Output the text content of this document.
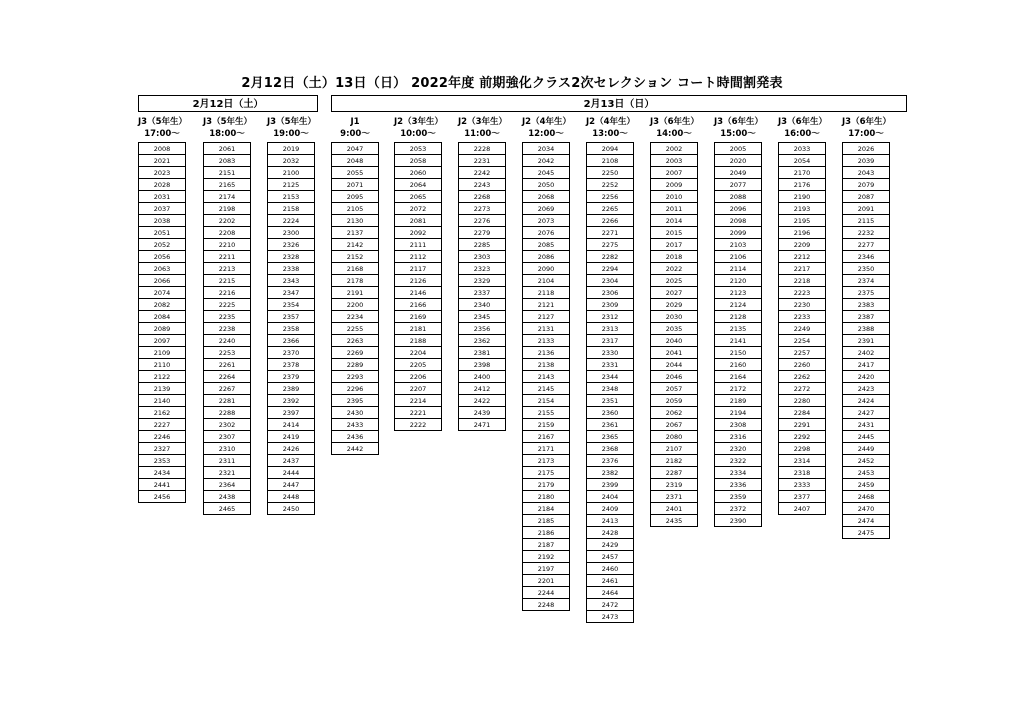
2月12日（土）13日（日） 2022年度 前期強化クラス2次セレクション コート時間割発表
2月12日（土）	2月13日（日）
J3（5年生）
17:00～
2008
2021
2023
2028
2031
2037
2038
2051
2052
2056
2063
2066
2074
2082
2084
2089
2097
2109
2110
2122
2139
2140
2162
2227
2246
2327
2353
2434
2441
2456
J3（5年生）
18:00～
2061
2083
2151
2165
2174
2198
2202
2208
2210
2211
2213
2215
2216
2225
2235
2238
2240
2253
2261
2264
2267
2281
2288
2302
2307
2310
2311
2321
2364
2438
2465
J3（5年生）
19:00～
2019
2032
2100
2125
2153
2158
2224
2300
2326
2328
2338
2343
2347
2354
2357
2358
2366
2370
2378
2379
2389
2392
2397
2414
2419
2426
2437
2444
2447
2448
2450
J1
9:00～
2047
2048
2055
2071
2095
2105
2130
2137
2142
2152
2168
2178
2191
2200
2234
2255
2263
2269
2289
2293
2296
2395
2430
2433
2436
2442
J2（3年生）
10:00～
2053
2058
2060
2064
2065
2072
2081
2092
2111
2112
2117
2126
2146
2166
2169
2181
2188
2204
2205
2206
2207
2214
2221
2222
J2（3年生）
11:00～
2228
2231
2242
2243
2268
2273
2276
2279
2285
2303
2323
2329
2337
2340
2345
2356
2362
2381
2398
2400
2412
2422
2439
2471
J2（4年生）
12:00～
2034
2042
2045
2050
2068
2069
2073
2076
2085
2086
2090
2104
2118
2121
2127
2131
2133
2136
2138
2143
2145
2154
2155
2159
2167
2171
2173
2175
2179
2180
2184
2185
2186
2187
2192
2197
2201
2244
2248
J2（4年生）
13:00～
2094
2108
2250
2252
2256
2265
2266
2271
2275
2282
2294
2304
2306
2309
2312
2313
2317
2330
2331
2344
2348
2351
2360
2361
2365
2368
2376
2382
2399
2404
2409
2413
2428
2429
2457
2460
2461
2464
2472
2473
J3（6年生）
14:00～
2002
2003
2007
2009
2010
2011
2014
2015
2017
2018
2022
2025
2027
2029
2030
2035
2040
2041
2044
2046
2057
2059
2062
2067
2080
2107
2182
2287
2319
2371
2401
2435
J3（6年生）
15:00～
2005
2020
2049
2077
2088
2096
2098
2099
2103
2106
2114
2120
2123
2124
2128
2135
2141
2150
2160
2164
2172
2189
2194
2308
2316
2320
2322
2334
2336
2359
2372
2390
J3（6年生）
16:00～
2033
2054
2170
2176
2190
2193
2195
2196
2209
2212
2217
2218
2223
2230
2233
2249
2254
2257
2260
2262
2272
2280
2284
2291
2292
2298
2314
2318
2333
2377
2407
J3（6年生）
17:00～
2026
2039
2043
2079
2087
2091
2115
2232
2277
2346
2350
2374
2375
2383
2387
2388
2391
2402
2417
2420
2423
2424
2427
2431
2445
2449
2452
2453
2459
2468
2470
2474
2475
